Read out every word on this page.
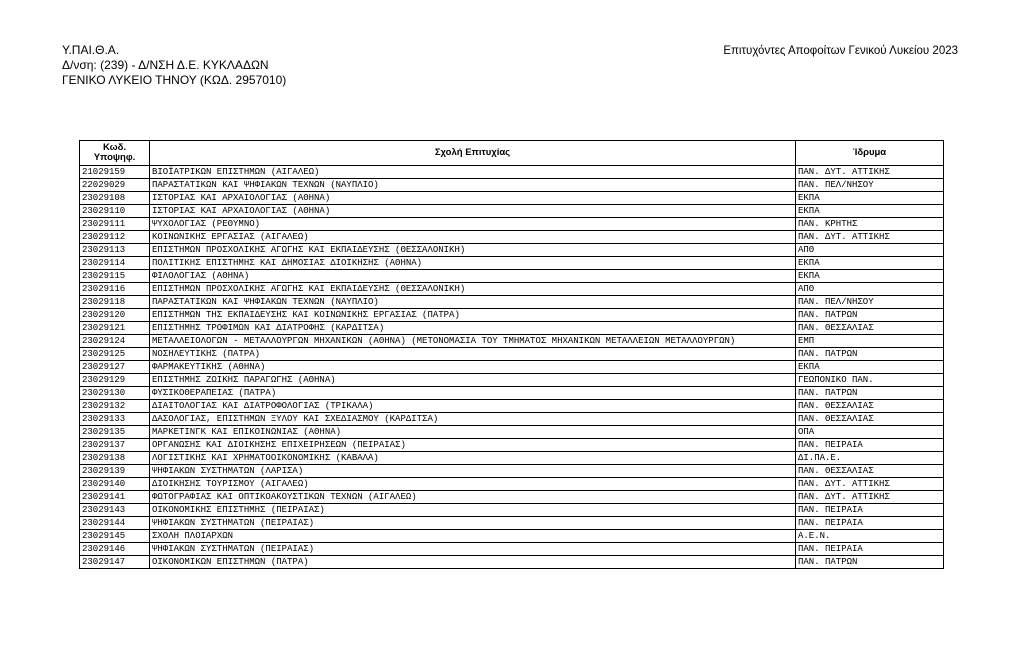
Υ.ΠΑΙ.Θ.Α.
Δ/νση: (239) - Δ/ΝΣΗ Δ.Ε. ΚΥΚΛΑΔΩΝ
ΓΕΝΙΚΟ ΛΥΚΕΙΟ ΤΗΝΟΥ (ΚΩΔ. 2957010)
Επιτυχόντες Αποφοίτων Γενικού Λυκείου 2023
Κωδ. Υποψηφ.	Σχολή Επιτυχίας	Ίδρυμα
21029159	ΒΙΟΪΑΤΡΙΚΩΝ ΕΠΙΣΤΗΜΩΝ (ΑΙΓΑΛΕΩ)	ΠΑΝ. ΔΥΤ. ΑΤΤΙΚΗΣ
22029029	ΠΑΡΑΣΤΑΤΙΚΩΝ ΚΑΙ ΨΗΦΙΑΚΩΝ ΤΕΧΝΩΝ (ΝΑΥΠΛΙΟ)	ΠΑΝ. ΠΕΛ/ΝΗΣΟΥ
23029108	ΙΣΤΟΡΙΑΣ ΚΑΙ ΑΡΧΑΙΟΛΟΓΙΑΣ (ΑΘΗΝΑ)	ΕΚΠΑ
23029110	ΙΣΤΟΡΙΑΣ ΚΑΙ ΑΡΧΑΙΟΛΟΓΙΑΣ (ΑΘΗΝΑ)	ΕΚΠΑ
23029111	ΨΥΧΟΛΟΓΙΑΣ (ΡΕΘΥΜΝΟ)	ΠΑΝ. ΚΡΗΤΗΣ
23029112	ΚΟΙΝΩΝΙΚΗΣ ΕΡΓΑΣΙΑΣ (ΑΙΓΑΛΕΩ)	ΠΑΝ. ΔΥΤ. ΑΤΤΙΚΗΣ
23029113	ΕΠΙΣΤΗΜΩΝ ΠΡΟΣΧΟΛΙΚΗΣ ΑΓΩΓΗΣ ΚΑΙ ΕΚΠΑΙΔΕΥΣΗΣ (ΘΕΣΣΑΛΟΝΙΚΗ)	ΑΠΘ
23029114	ΠΟΛΙΤΙΚΗΣ ΕΠΙΣΤΗΜΗΣ ΚΑΙ ΔΗΜΟΣΙΑΣ ΔΙΟΙΚΗΣΗΣ (ΑΘΗΝΑ)	ΕΚΠΑ
23029115	ΦΙΛΟΛΟΓΙΑΣ (ΑΘΗΝΑ)	ΕΚΠΑ
23029116	ΕΠΙΣΤΗΜΩΝ ΠΡΟΣΧΟΛΙΚΗΣ ΑΓΩΓΗΣ ΚΑΙ ΕΚΠΑΙΔΕΥΣΗΣ (ΘΕΣΣΑΛΟΝΙΚΗ)	ΑΠΘ
23029118	ΠΑΡΑΣΤΑΤΙΚΩΝ ΚΑΙ ΨΗΦΙΑΚΩΝ ΤΕΧΝΩΝ (ΝΑΥΠΛΙΟ)	ΠΑΝ. ΠΕΛ/ΝΗΣΟΥ
23029120	ΕΠΙΣΤΗΜΩΝ ΤΗΣ ΕΚΠΑΙΔΕΥΣΗΣ ΚΑΙ ΚΟΙΝΩΝΙΚΗΣ ΕΡΓΑΣΙΑΣ (ΠΑΤΡΑ)	ΠΑΝ. ΠΑΤΡΩΝ
23029121	ΕΠΙΣΤΗΜΗΣ ΤΡΟΦΙΜΩΝ ΚΑΙ ΔΙΑΤΡΟΦΗΣ (ΚΑΡΔΙΤΣΑ)	ΠΑΝ. ΘΕΣΣΑΛΙΑΣ
23029124	ΜΕΤΑΛΛΕΙΟΛΟΓΩΝ - ΜΕΤΑΛΛΟΥΡΓΩΝ ΜΗΧΑΝΙΚΩΝ (ΑΘΗΝΑ) (ΜΕΤΟΝΟΜΑΣΙΑ ΤΟΥ ΤΜΗΜΑΤΟΣ ΜΗΧΑΝΙΚΩΝ ΜΕΤΑΛΛΕΙΩΝ ΜΕΤΑΛΛΟΥΡΓΩΝ)	ΕΜΠ
23029125	ΝΟΣΗΛΕΥΤΙΚΗΣ (ΠΑΤΡΑ)	ΠΑΝ. ΠΑΤΡΩΝ
23029127	ΦΑΡΜΑΚΕΥΤΙΚΗΣ (ΑΘΗΝΑ)	ΕΚΠΑ
23029129	ΕΠΙΣΤΗΜΗΣ ΖΩΙΚΗΣ ΠΑΡΑΓΩΓΗΣ (ΑΘΗΝΑ)	ΓΕΩΠΟΝΙΚΟ ΠΑΝ.
23029130	ΦΥΣΙΚΟΘΕΡΑΠΕΙΑΣ (ΠΑΤΡΑ)	ΠΑΝ. ΠΑΤΡΩΝ
23029132	ΔΙΑΙΤΟΛΟΓΙΑΣ ΚΑΙ ΔΙΑΤΡΟΦΟΛΟΓΙΑΣ (ΤΡΙΚΑΛΑ)	ΠΑΝ. ΘΕΣΣΑΛΙΑΣ
23029133	ΔΑΣΟΛΟΓΙΑΣ, ΕΠΙΣΤΗΜΩΝ ΞΥΛΟΥ ΚΑΙ ΣΧΕΔΙΑΣΜΟΥ (ΚΑΡΔΙΤΣΑ)	ΠΑΝ. ΘΕΣΣΑΛΙΑΣ
23029135	ΜΑΡΚΕΤΙΝΓΚ ΚΑΙ ΕΠΙΚΟΙΝΩΝΙΑΣ (ΑΘΗΝΑ)	ΟΠΑ
23029137	ΟΡΓΑΝΩΣΗΣ ΚΑΙ ΔΙΟΙΚΗΣΗΣ ΕΠΙΧΕΙΡΗΣΕΩΝ (ΠΕΙΡΑΙΑΣ)	ΠΑΝ. ΠΕΙΡΑΙΑ
23029138	ΛΟΓΙΣΤΙΚΗΣ ΚΑΙ ΧΡΗΜΑΤΟΟΙΚΟΝΟΜΙΚΗΣ (ΚΑΒΑΛΑ)	ΔΙ.ΠΑ.Ε.
23029139	ΨΗΦΙΑΚΩΝ ΣΥΣΤΗΜΑΤΩΝ (ΛΑΡΙΣΑ)	ΠΑΝ. ΘΕΣΣΑΛΙΑΣ
23029140	ΔΙΟΙΚΗΣΗΣ ΤΟΥΡΙΣΜΟΥ (ΑΙΓΑΛΕΩ)	ΠΑΝ. ΔΥΤ. ΑΤΤΙΚΗΣ
23029141	ΦΩΤΟΓΡΑΦΙΑΣ ΚΑΙ ΟΠΤΙΚΟΑΚΟΥΣΤΙΚΩΝ ΤΕΧΝΩΝ (ΑΙΓΑΛΕΩ)	ΠΑΝ. ΔΥΤ. ΑΤΤΙΚΗΣ
23029143	ΟΙΚΟΝΟΜΙΚΗΣ ΕΠΙΣΤΗΜΗΣ (ΠΕΙΡΑΙΑΣ)	ΠΑΝ. ΠΕΙΡΑΙΑ
23029144	ΨΗΦΙΑΚΩΝ ΣΥΣΤΗΜΑΤΩΝ (ΠΕΙΡΑΙΑΣ)	ΠΑΝ. ΠΕΙΡΑΙΑ
23029145	ΣΧΟΛΗ ΠΛΟΙΑΡΧΩΝ	Α.Ε.Ν.
23029146	ΨΗΦΙΑΚΩΝ ΣΥΣΤΗΜΑΤΩΝ (ΠΕΙΡΑΙΑΣ)	ΠΑΝ. ΠΕΙΡΑΙΑ
23029147	ΟΙΚΟΝΟΜΙΚΩΝ ΕΠΙΣΤΗΜΩΝ (ΠΑΤΡΑ)	ΠΑΝ. ΠΑΤΡΩΝ
